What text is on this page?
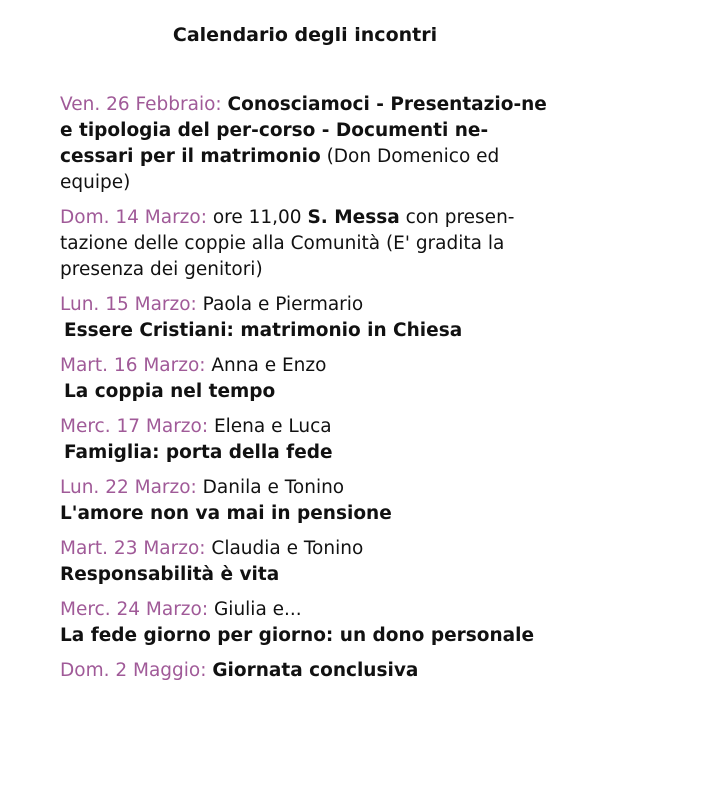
Calendario degli incontri
Ven. 26 Febbraio: Conosciamoci - Presentazio-ne e tipologia del per-corso - Documenti ne-cessari per il matrimonio (Don Domenico ed equipe)
Dom. 14 Marzo: ore 11,00 S. Messa con presen-tazione delle coppie alla Comunità (E' gradita la presenza dei genitori)
Lun. 15 Marzo: Paola e Piermario
Essere Cristiani: matrimonio in Chiesa
Mart. 16 Marzo: Anna e Enzo
La coppia nel tempo
Merc. 17 Marzo: Elena e Luca
Famiglia: porta della fede
Lun. 22 Marzo: Danila e Tonino
L'amore non va mai in pensione
Mart. 23 Marzo: Claudia e Tonino
Responsabilità è vita
Merc. 24 Marzo: Giulia e...
La fede giorno per giorno: un dono personale
Dom. 2 Maggio: Giornata conclusiva
